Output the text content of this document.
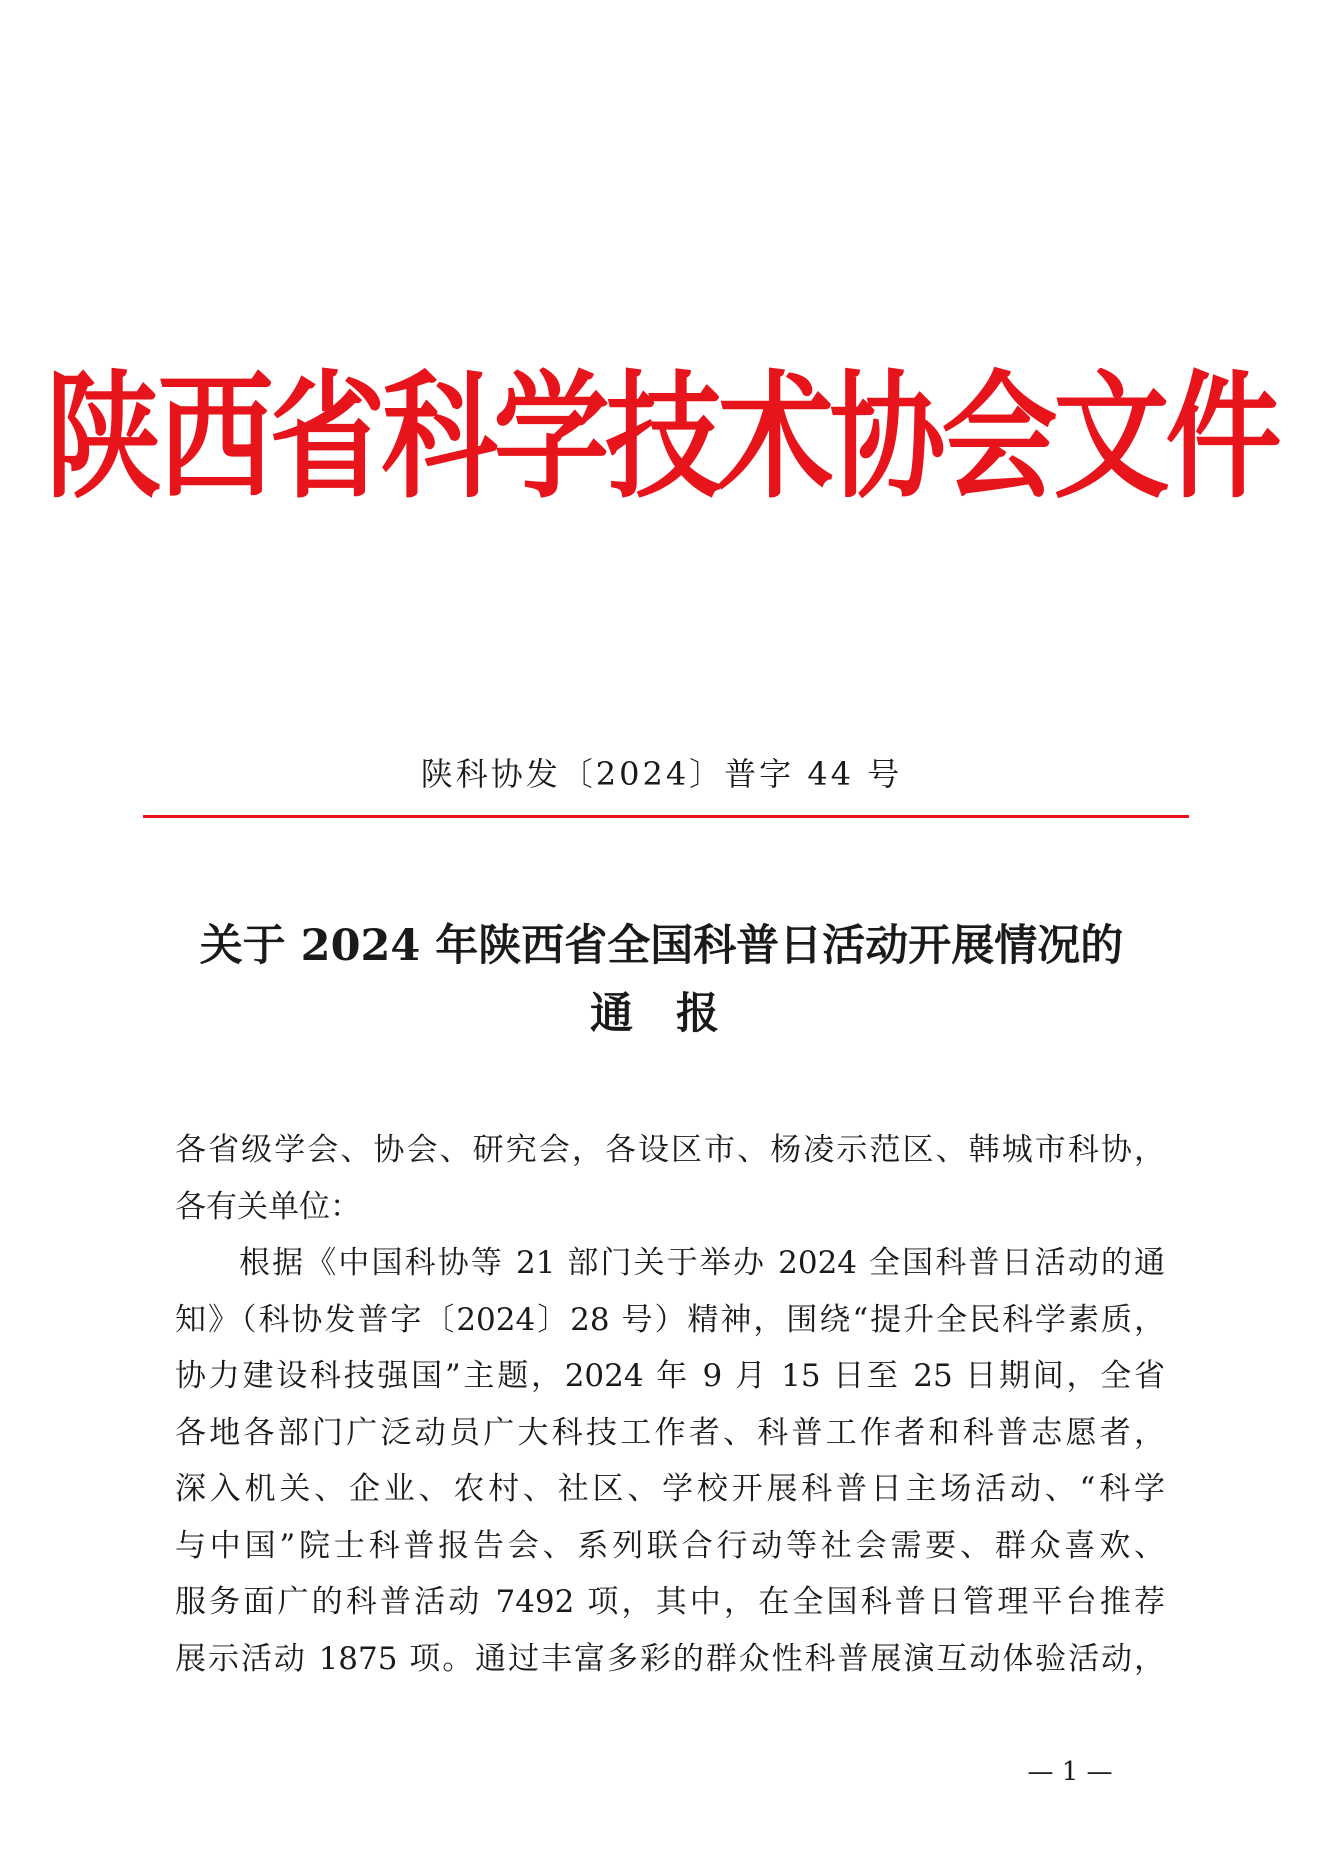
陕西省科学技术协会文件
陕科协发〔2024〕普字 44 号
关于 2024 年陕西省全国科普日活动开展情况的
通 报
各省级学会、协会、研究会，各设区市、杨凌示范区、韩城市科协，
各有关单位：
根据《中国科协等 21 部门关于举办 2024 全国科普日活动的通
知》（科协发普字〔2024〕28 号）精神，围绕“提升全民科学素质，
协力建设科技强国”主题，2024 年 9 月 15 日至 25 日期间，全省
各地各部门广泛动员广大科技工作者、科普工作者和科普志愿者，
深入机关、企业、农村、社区、学校开展科普日主场活动、“科学
与中国”院士科普报告会、系列联合行动等社会需要、群众喜欢、
服务面广的科普活动 7492 项，其中，在全国科普日管理平台推荐
展示活动 1875 项。通过丰富多彩的群众性科普展演互动体验活动，
— 1 —
